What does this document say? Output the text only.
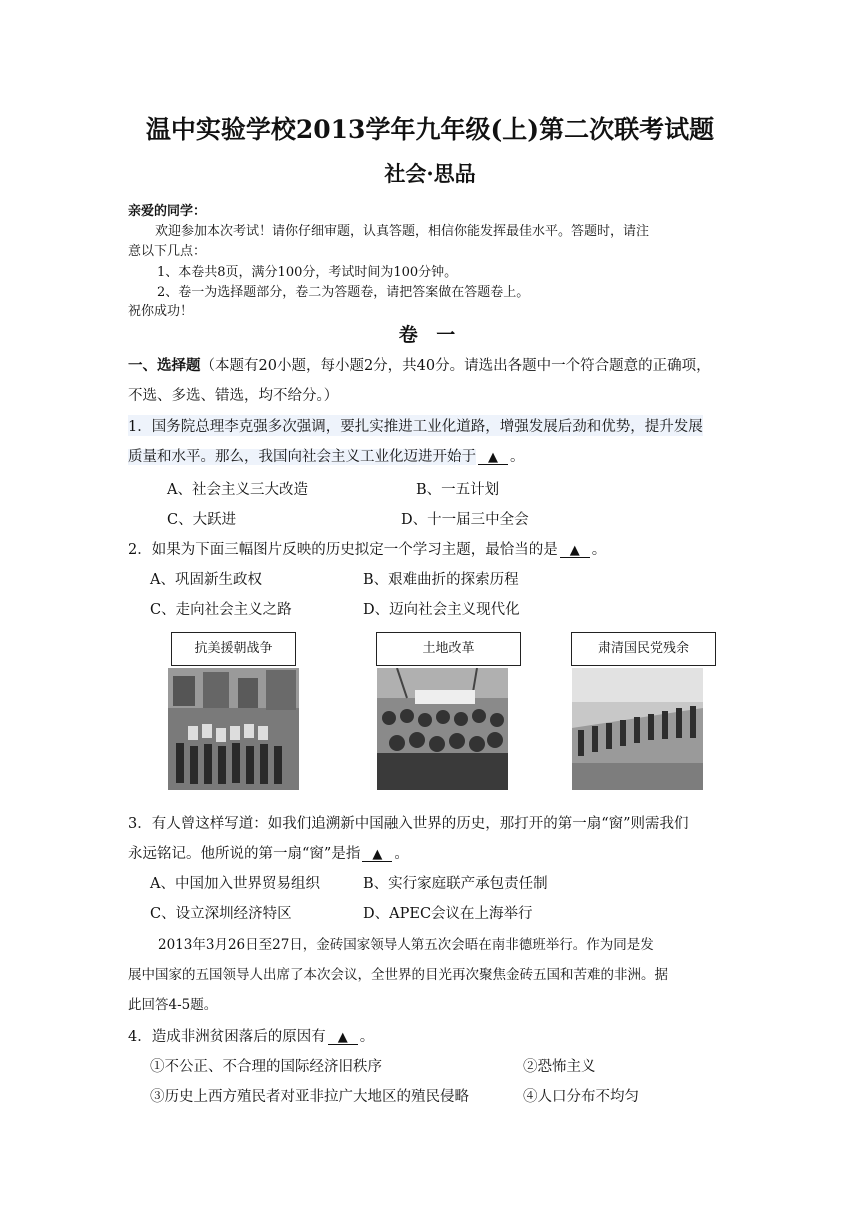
温中实验学校2013学年九年级(上)第二次联考试题
社会·思品
亲爱的同学：
欢迎参加本次考试！请你仔细审题，认真答题，相信你能发挥最佳水平。答题时，请注
意以下几点：
1、本卷共8页，满分100分，考试时间为100分钟。
2、卷一为选择题部分，卷二为答题卷，请把答案做在答题卷上。
祝你成功！
卷 一
一、选择题（本题有20小题，每小题2分，共40分。请选出各题中一个符合题意的正确项，
不选、多选、错选，均不给分。）
1．国务院总理李克强多次强调，要扎实推进工业化道路，增强发展后劲和优势，提升发展
质量和水平。那么，我国向社会主义工业化迈进开始于 ▲ 。
A、社会主义三大改造	B、一五计划
C、大跃进	D、十一届三中全会
2．如果为下面三幅图片反映的历史拟定一个学习主题，最恰当的是 ▲ 。
A、巩固新生政权	B、艰难曲折的探索历程
C、走向社会主义之路	D、迈向社会主义现代化
抗美援朝战争	土地改革	肃清国民党残余
3．有人曾这样写道：如我们追溯新中国融入世界的历史，那打开的第一扇“窗”则需我们
永远铭记。他所说的第一扇“窗”是指 ▲ 。
A、中国加入世界贸易组织	B、实行家庭联产承包责任制
C、设立深圳经济特区	D、APEC会议在上海举行
2013年3月26日至27日，金砖国家领导人第五次会晤在南非德班举行。作为同是发
展中国家的五国领导人出席了本次会议，全世界的目光再次聚焦金砖五国和苦难的非洲。据
此回答4-5题。
4．造成非洲贫困落后的原因有 ▲ 。
①不公正、不合理的国际经济旧秩序	②恐怖主义
③历史上西方殖民者对亚非拉广大地区的殖民侵略	④人口分布不均匀
